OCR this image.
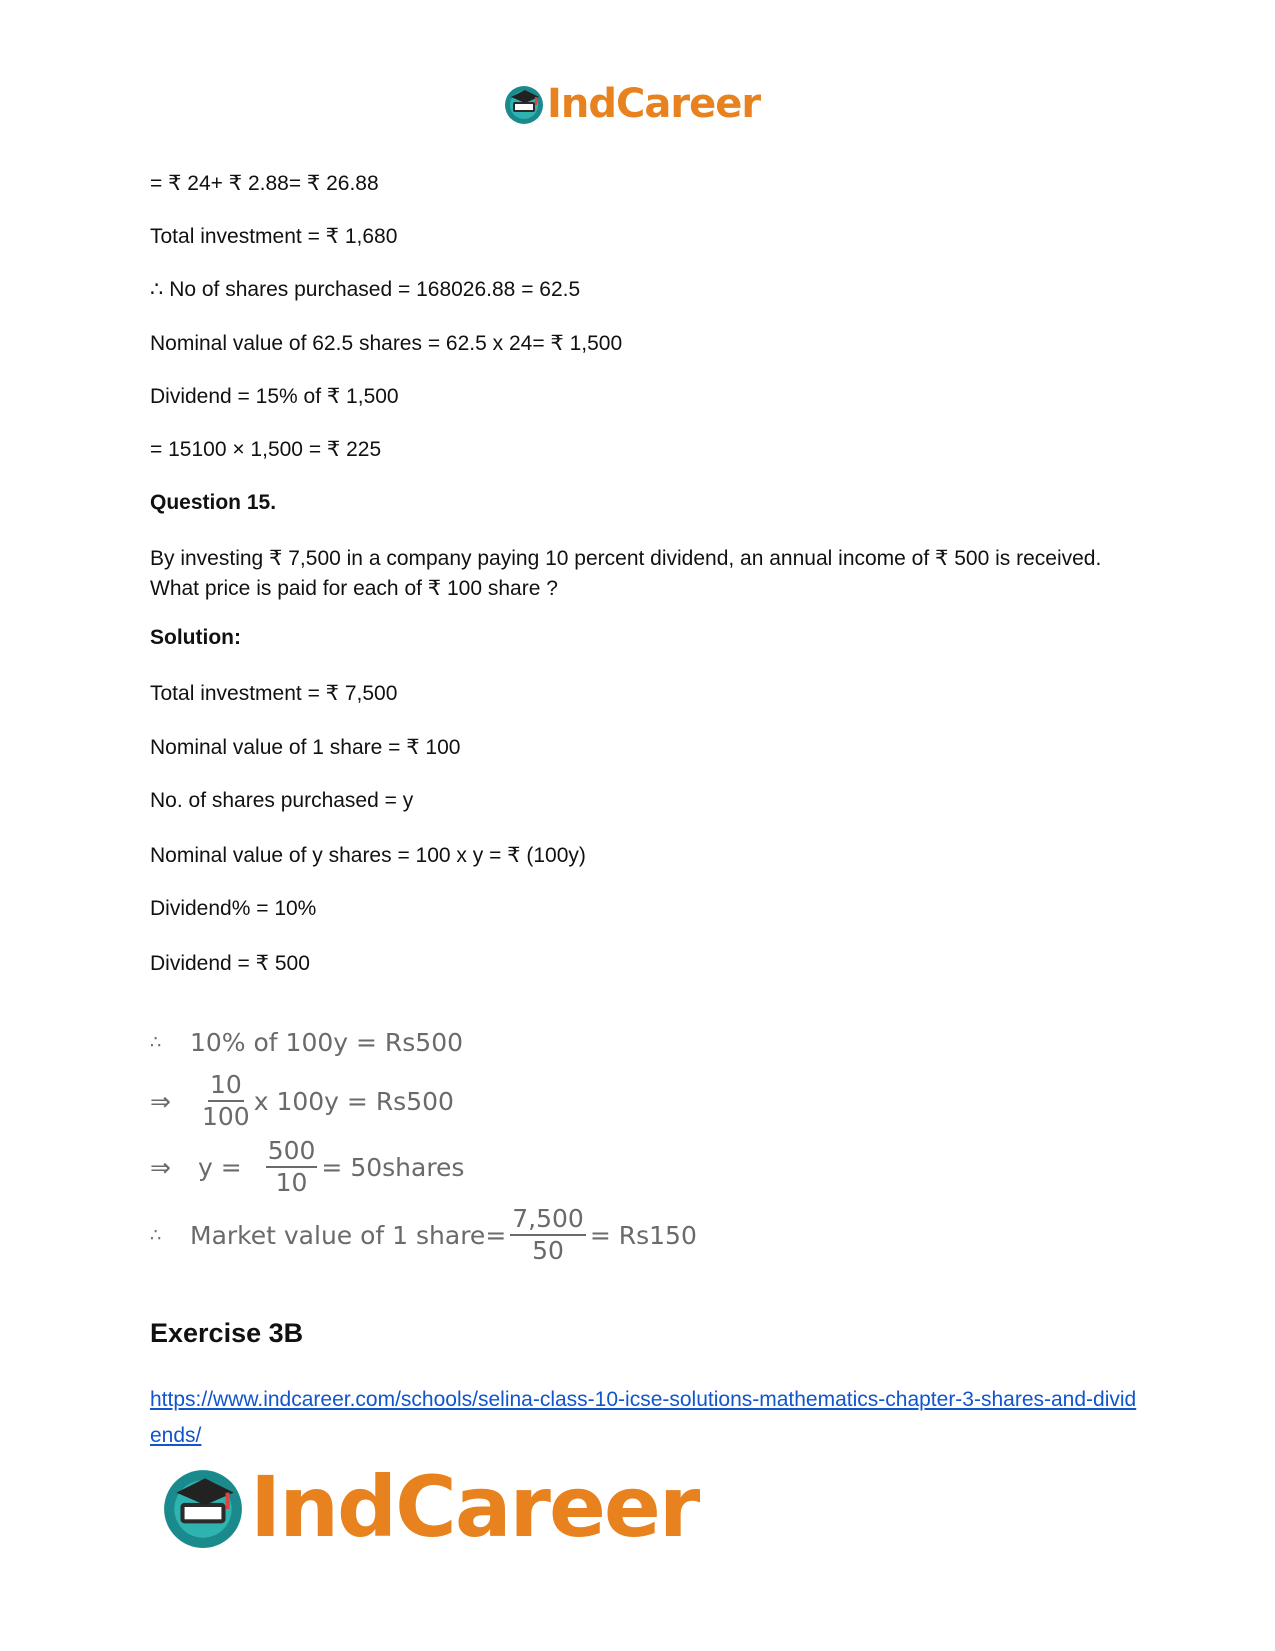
IndCareer
= ₹ 24+ ₹ 2.88= ₹ 26.88
Total investment = ₹ 1,680
∴ No of shares purchased = 168026.88 = 62.5
Nominal value of 62.5 shares = 62.5 x 24= ₹ 1,500
Dividend = 15% of ₹ 1,500
= 15100 × 1,500 = ₹ 225
Question 15.
By investing ₹ 7,500 in a company paying 10 percent dividend, an annual income of ₹ 500 is received. What price is paid for each of ₹ 100 share ?
Solution:
Total investment = ₹ 7,500
Nominal value of 1 share = ₹ 100
No. of shares purchased = y
Nominal value of y shares = 100 x y = ₹ (100y)
Dividend% = 10%
Dividend = ₹ 500
∴	10% of 100y = Rs500
⇒	$\frac{10}{100}$ x 100y = Rs500
⇒	$y = \frac{500}{10}$ = 50shares
∴	Market value of 1 share= $\frac{7,500}{50} = Rs150$
Exercise 3B
https://www.indcareer.com/schools/selina-class-10-icse-solutions-mathematics-chapter-3-shares-and-dividends/
IndCareer
